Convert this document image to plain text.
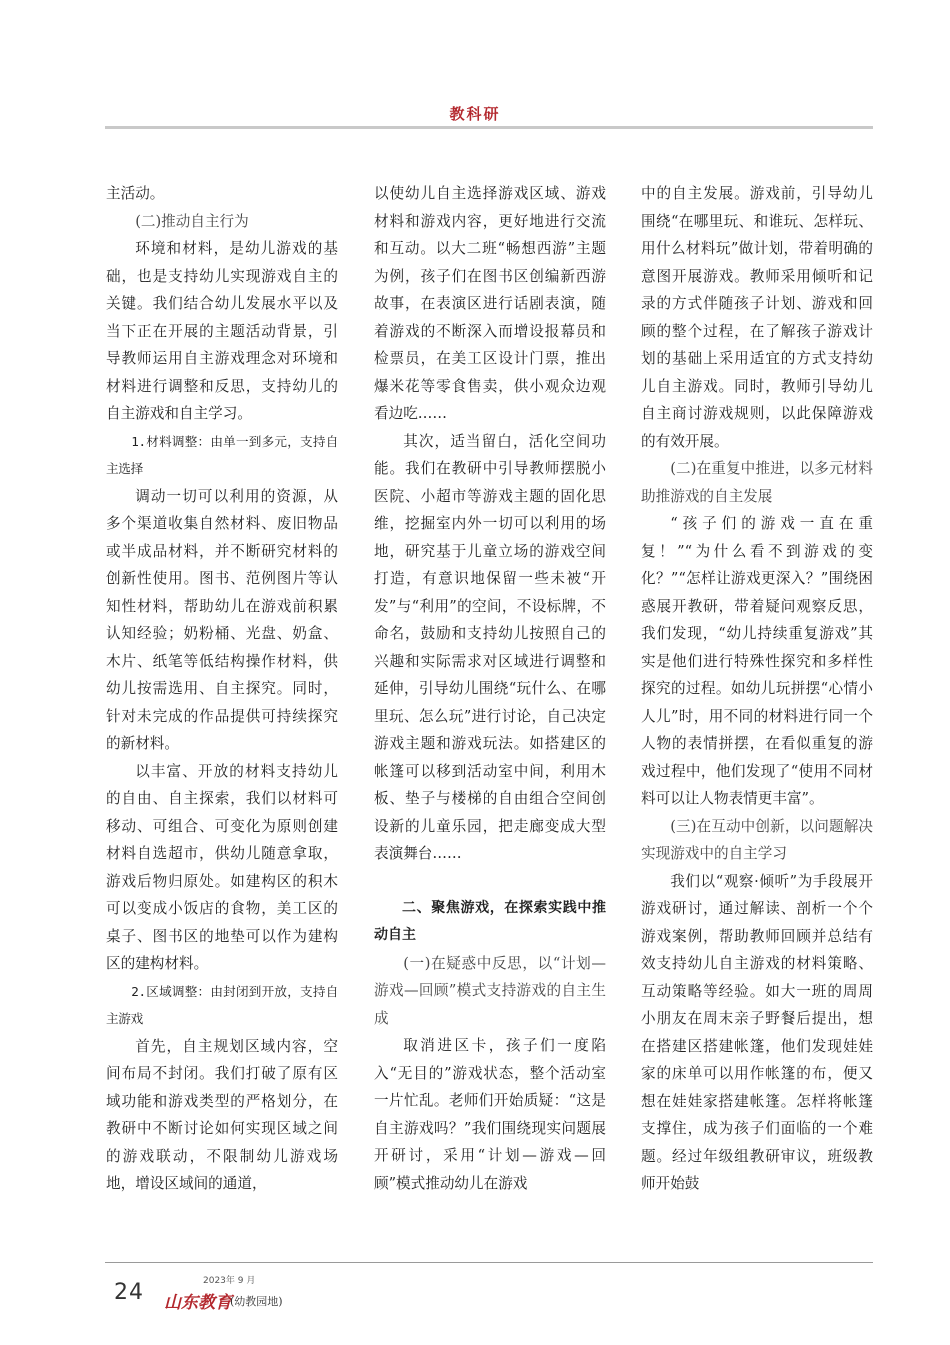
教科研

主活动。

(二)推动自主行为

环境和材料，是幼儿游戏的基础，也是支持幼儿实现游戏自主的关键。我们结合幼儿发展水平以及当下正在开展的主题活动背景，引导教师运用自主游戏理念对环境和材料进行调整和反思，支持幼儿的自主游戏和自主学习。

1.材料调整：由单一到多元，支持自主选择

调动一切可以利用的资源，从多个渠道收集自然材料、废旧物品或半成品材料，并不断研究材料的创新性使用。图书、范例图片等认知性材料，帮助幼儿在游戏前积累认知经验；奶粉桶、光盘、奶盒、木片、纸笔等低结构操作材料，供幼儿按需选用、自主探究。同时，针对未完成的作品提供可持续探究的新材料。

以丰富、开放的材料支持幼儿的自由、自主探索，我们以材料可移动、可组合、可变化为原则创建材料自选超市，供幼儿随意拿取，游戏后物归原处。如建构区的积木可以变成小饭店的食物，美工区的桌子、图书区的地垫可以作为建构区的建构材料。

2.区域调整：由封闭到开放，支持自主游戏

首先，自主规划区域内容，空间布局不封闭。我们打破了原有区域功能和游戏类型的严格划分，在教研中不断讨论如何实现区域之间的游戏联动，不限制幼儿游戏场地，增设区域间的通道，

以使幼儿自主选择游戏区域、游戏材料和游戏内容，更好地进行交流和互动。以大二班“畅想西游”主题为例，孩子们在图书区创编新西游故事，在表演区进行话剧表演，随着游戏的不断深入而增设报幕员和检票员，在美工区设计门票，推出爆米花等零食售卖，供小观众边观看边吃……

其次，适当留白，活化空间功能。我们在教研中引导教师摆脱小医院、小超市等游戏主题的固化思维，挖掘室内外一切可以利用的场地，研究基于儿童立场的游戏空间打造，有意识地保留一些未被“开发”与“利用”的空间，不设标牌，不命名，鼓励和支持幼儿按照自己的兴趣和实际需求对区域进行调整和延伸，引导幼儿围绕“玩什么、在哪里玩、怎么玩”进行讨论，自己决定游戏主题和游戏玩法。如搭建区的帐篷可以移到活动室中间，利用木板、垫子与楼梯的自由组合空间创设新的儿童乐园，把走廊变成大型表演舞台……

二、聚焦游戏，在探索实践中推动自主

(一)在疑惑中反思，以“计划—游戏—回顾”模式支持游戏的自主生成

取消进区卡，孩子们一度陷入“无目的”游戏状态，整个活动室一片忙乱。老师们开始质疑：“这是自主游戏吗？”我们围绕现实问题展开研讨，采用“计划—游戏—回顾”模式推动幼儿在游戏

中的自主发展。游戏前，引导幼儿围绕“在哪里玩、和谁玩、怎样玩、用什么材料玩”做计划，带着明确的意图开展游戏。教师采用倾听和记录的方式伴随孩子计划、游戏和回顾的整个过程，在了解孩子游戏计划的基础上采用适宜的方式支持幼儿自主游戏。同时，教师引导幼儿自主商讨游戏规则，以此保障游戏的有效开展。

(二)在重复中推进，以多元材料助推游戏的自主发展

“孩子们的游戏一直在重复！”“为什么看不到游戏的变化？”“怎样让游戏更深入？”围绕困惑展开教研，带着疑问观察反思，我们发现，“幼儿持续重复游戏”其实是他们进行特殊性探究和多样性探究的过程。如幼儿玩拼摆“心情小人儿”时，用不同的材料进行同一个人物的表情拼摆，在看似重复的游戏过程中，他们发现了“使用不同材料可以让人物表情更丰富”。

(三)在互动中创新，以问题解决实现游戏中的自主学习

我们以“观察·倾听”为手段展开游戏研讨，通过解读、剖析一个个游戏案例，帮助教师回顾并总结有效支持幼儿自主游戏的材料策略、互动策略等经验。如大一班的周周小朋友在周末亲子野餐后提出，想在搭建区搭建帐篷，他们发现娃娃家的床单可以用作帐篷的布，便又想在娃娃家搭建帐篷。怎样将帐篷支撑住，成为孩子们面临的一个难题。经过年级组教研审议，班级教师开始鼓

24	2023年 9 月
山东教育
(幼教园地)
